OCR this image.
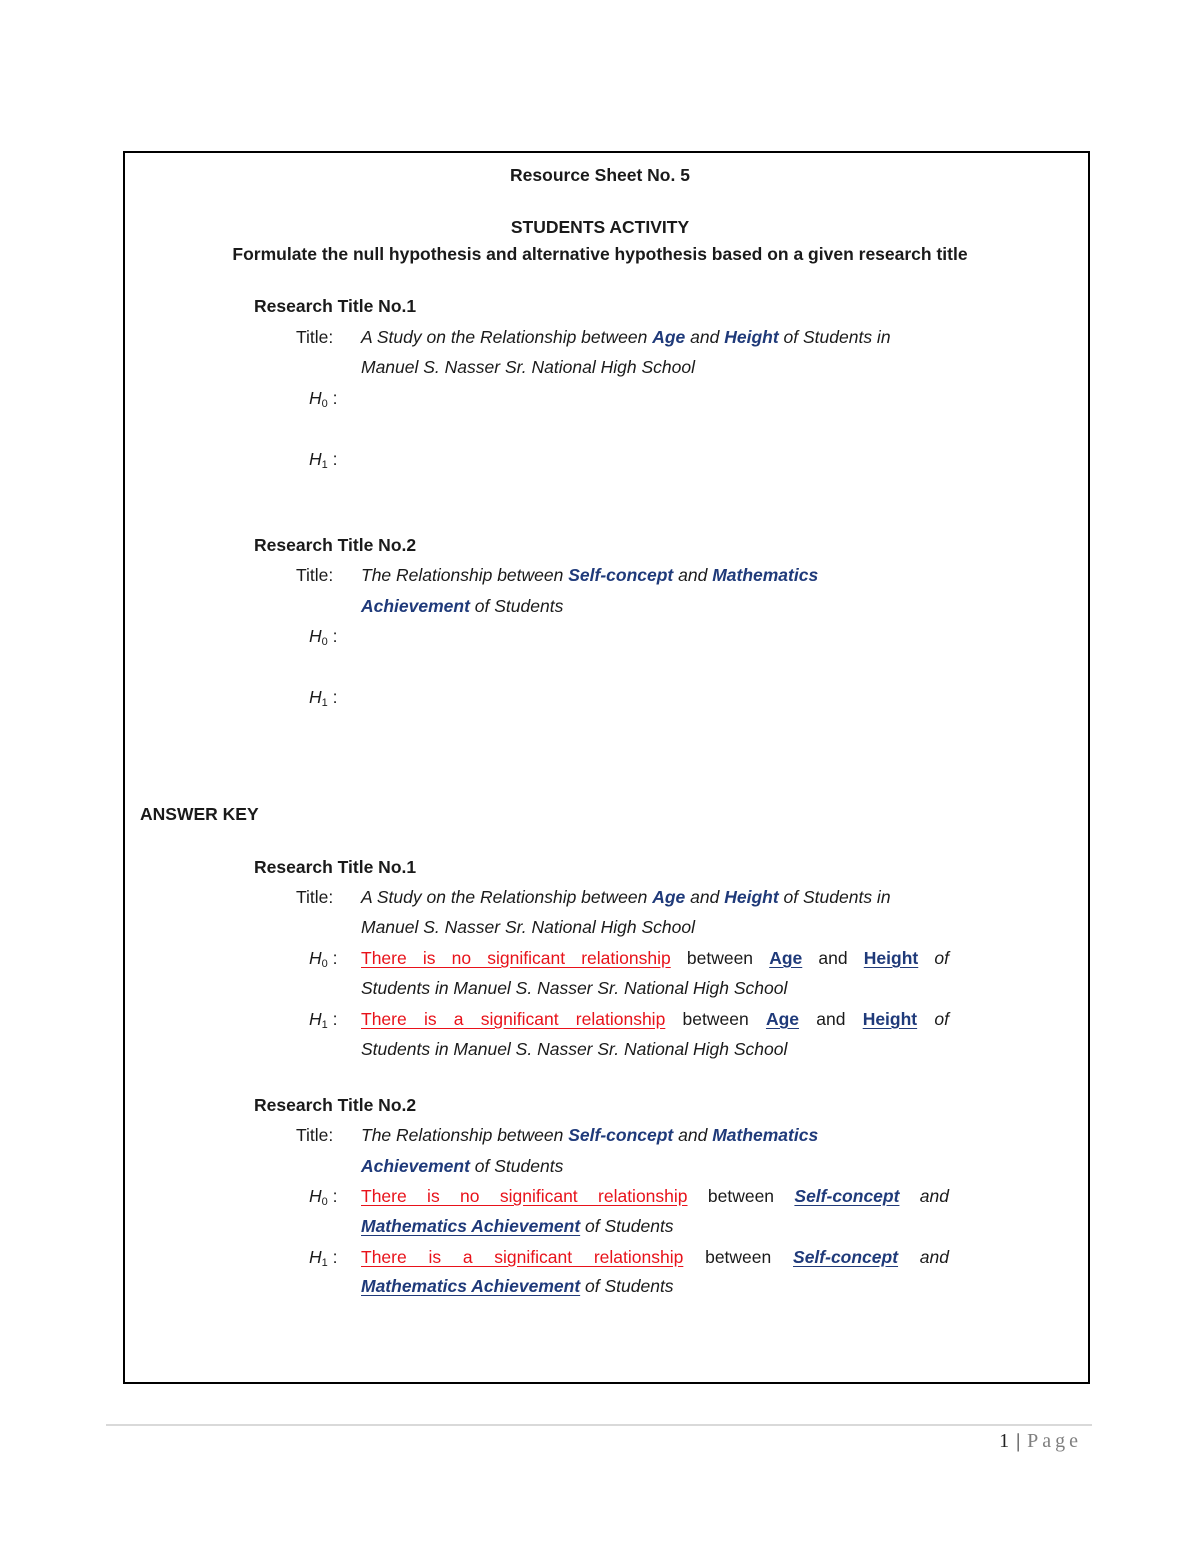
Resource Sheet No. 5
STUDENTS ACTIVITY
Formulate the null hypothesis and alternative hypothesis based on a given research title
Research Title No.1
Title: A Study on the Relationship between Age and Height of Students in
Manuel S. Nasser Sr. National High School
$H_0$ :
$H_1$ :
Research Title No.2
Title: The Relationship between Self-concept and Mathematics
Achievement of Students
$H_0$ :
$H_1$ :
ANSWER KEY
Research Title No.1
Title: A Study on the Relationship between Age and Height of Students in
Manuel S. Nasser Sr. National High School
$H_0$ : There is no significant relationship between Age and Height of
Students in Manuel S. Nasser Sr. National High School
$H_1$ : There is a significant relationship between Age and Height of
Students in Manuel S. Nasser Sr. National High School
Research Title No.2
Title: The Relationship between Self-concept and Mathematics
Achievement of Students
$H_0$ : There is no significant relationship between Self-concept and
Mathematics Achievement of Students
$H_1$ : There is a significant relationship between Self-concept and
Mathematics Achievement of Students
1 | Page
